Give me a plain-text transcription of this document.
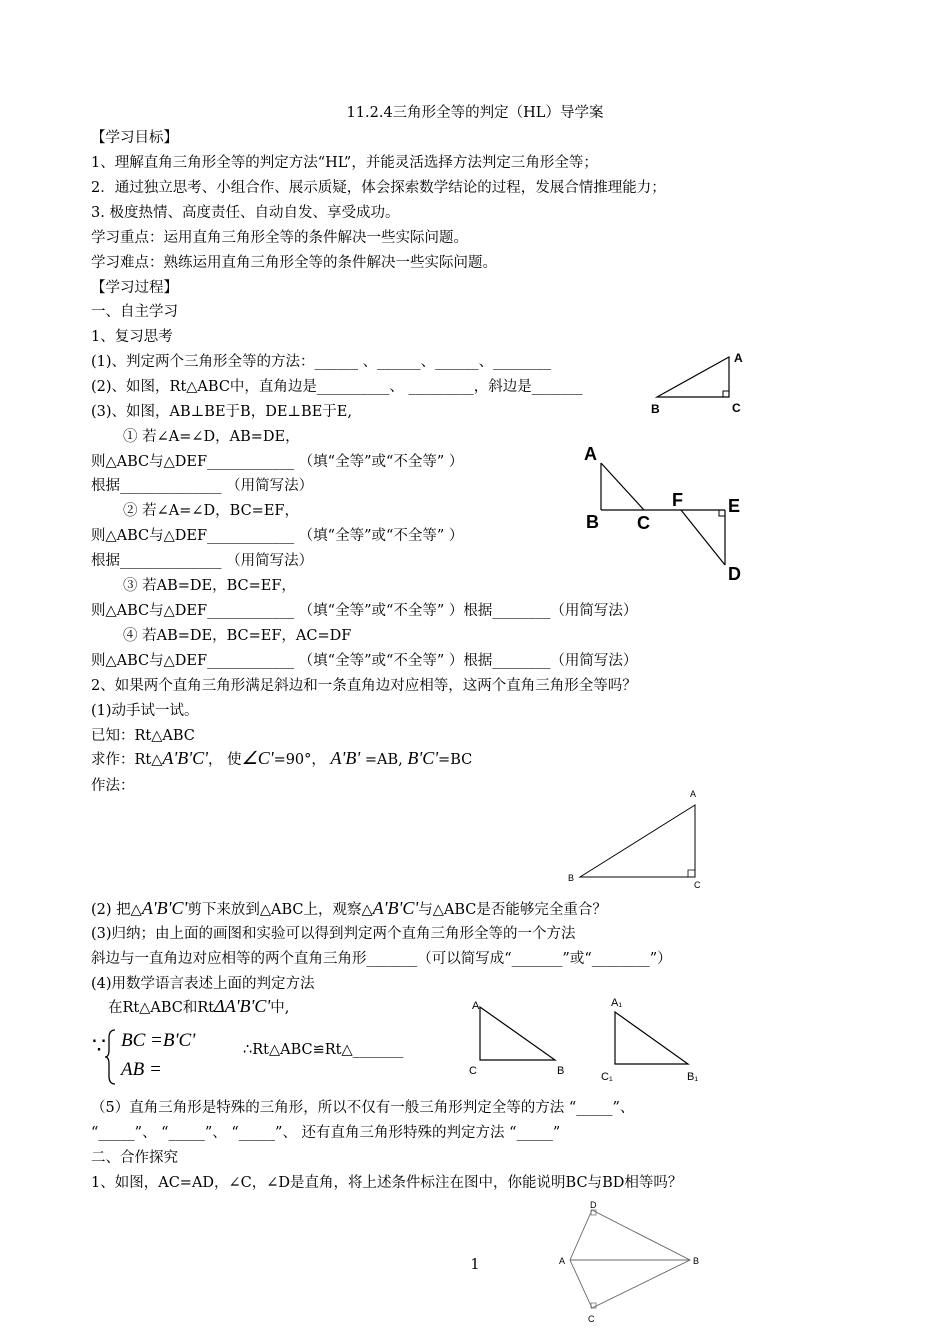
11.2.4三角形全等的判定（HL）导学案
【学习目标】
1、理解直角三角形全等的判定方法“HL”，并能灵活选择方法判定三角形全等；
2．通过独立思考、小组合作、展示质疑，体会探索数学结论的过程，发展合情推理能力；
3. 极度热情、高度责任、自动自发、享受成功。
学习重点：运用直角三角形全等的条件解决一些实际问题。
学习难点：熟练运用直角三角形全等的条件解决一些实际问题。
【学习过程】
一、自主学习
1、复习思考
(1)、判定两个三角形全等的方法：______ 、______、______、________
(2)、如图，Rt△ABC中，直角边是__________、 _________，斜边是_______
(3)、如图，AB⊥BE于B，DE⊥BE于E,
① 若∠A=∠D，AB=DE，
则△ABC与△DEF____________ （填“全等”或“不全等” ）
根据______________ （用简写法）
② 若∠A=∠D，BC=EF，
则△ABC与△DEF____________ （填“全等”或“不全等” ）
根据______________ （用简写法）
③ 若AB=DE，BC=EF，
则△ABC与△DEF____________ （填“全等”或“不全等” ）根据________（用简写法）
④ 若AB=DE，BC=EF，AC=DF
则△ABC与△DEF____________ （填“全等”或“不全等” ）根据________（用简写法）
2、如果两个直角三角形满足斜边和一条直角边对应相等，这两个直角三角形全等吗？
(1)动手试一试。
已知：Rt△ABC
求作：Rt△A'B'C'， 使∠C'=90°， A'B' =AB, B'C'=BC
作法：
(2) 把△A'B'C'剪下来放到△ABC上，观察△A'B'C'与△ABC是否能够完全重合？
(3)归纳；由上面的画图和实验可以得到判定两个直角三角形全等的一个方法
斜边与一直角边对应相等的两个直角三角形_______（可以简写成“_______”或“________”）
(4)用数学语言表述上面的判定方法
在Rt△ABC和RtΔA'B'C'中,
∵ BC =B'C'
AB =
∴Rt△ABC≌Rt△_______
（5）直角三角形是特殊的三角形，所以不仅有一般三角形判定全等的方法 “_____”、
“_____”、 “_____”、 “_____”、 还有直角三角形特殊的判定方法 “_____”
二、合作探究
1、如图，AC=AD，∠C，∠D是直角，将上述条件标注在图中，你能说明BC与BD相等吗？
1
A
B	C
A
B C
F	E
D
A
B
C
A
B
C
A₁
B₁
C₁
A	B
C
D
